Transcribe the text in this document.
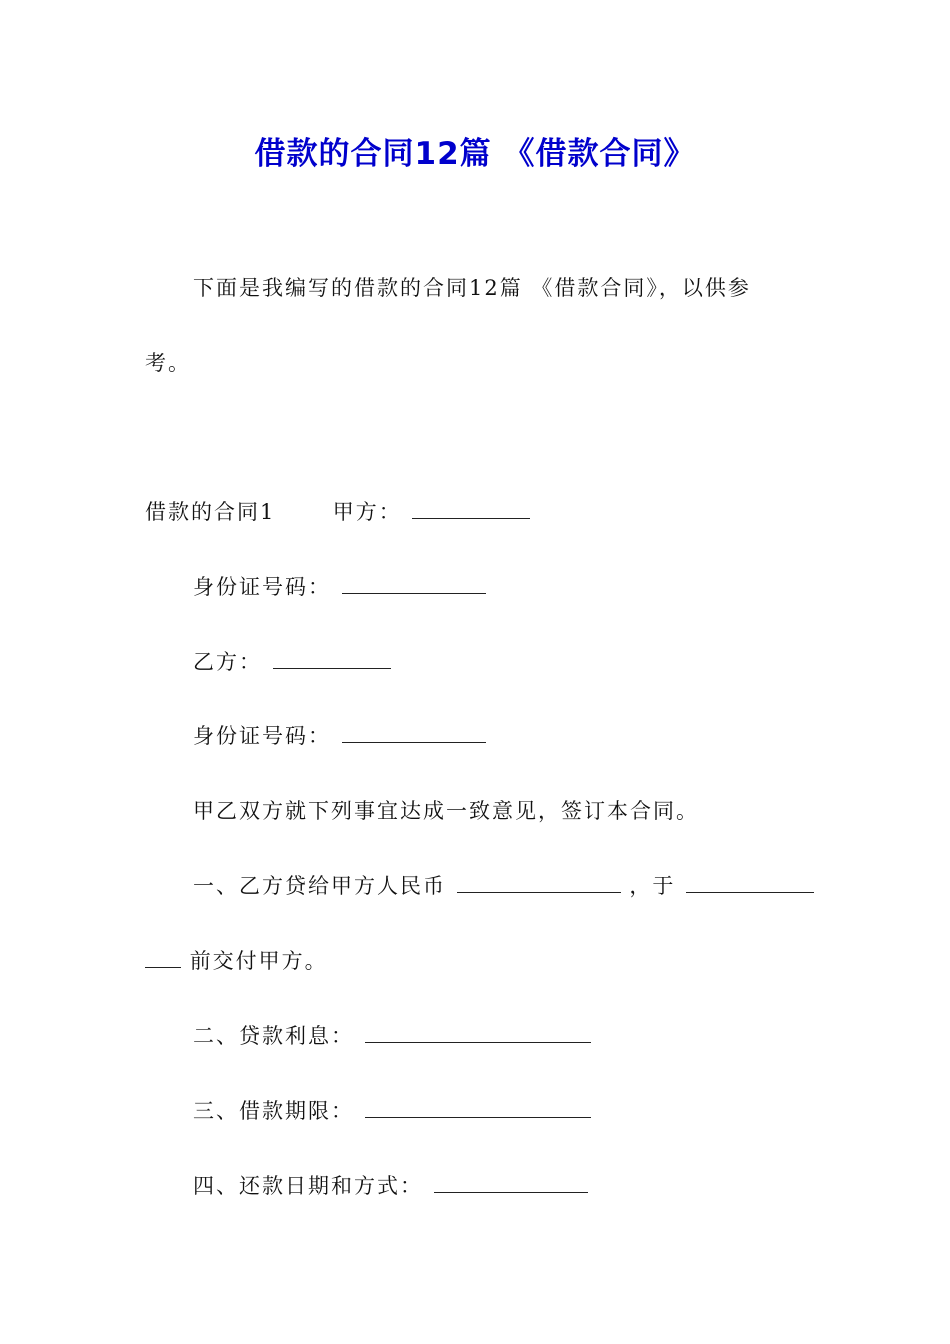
借款的合同12篇 《借款合同》
下面是我编写的借款的合同12篇 《借款合同》，以供参
考。
借款的合同1	甲方：
身份证号码：
乙方：
身份证号码：
甲乙双方就下列事宜达成一致意见，签订本合同。
一、乙方贷给甲方人民币	，于
前交付甲方。
二、贷款利息：
三、借款期限：
四、还款日期和方式：
